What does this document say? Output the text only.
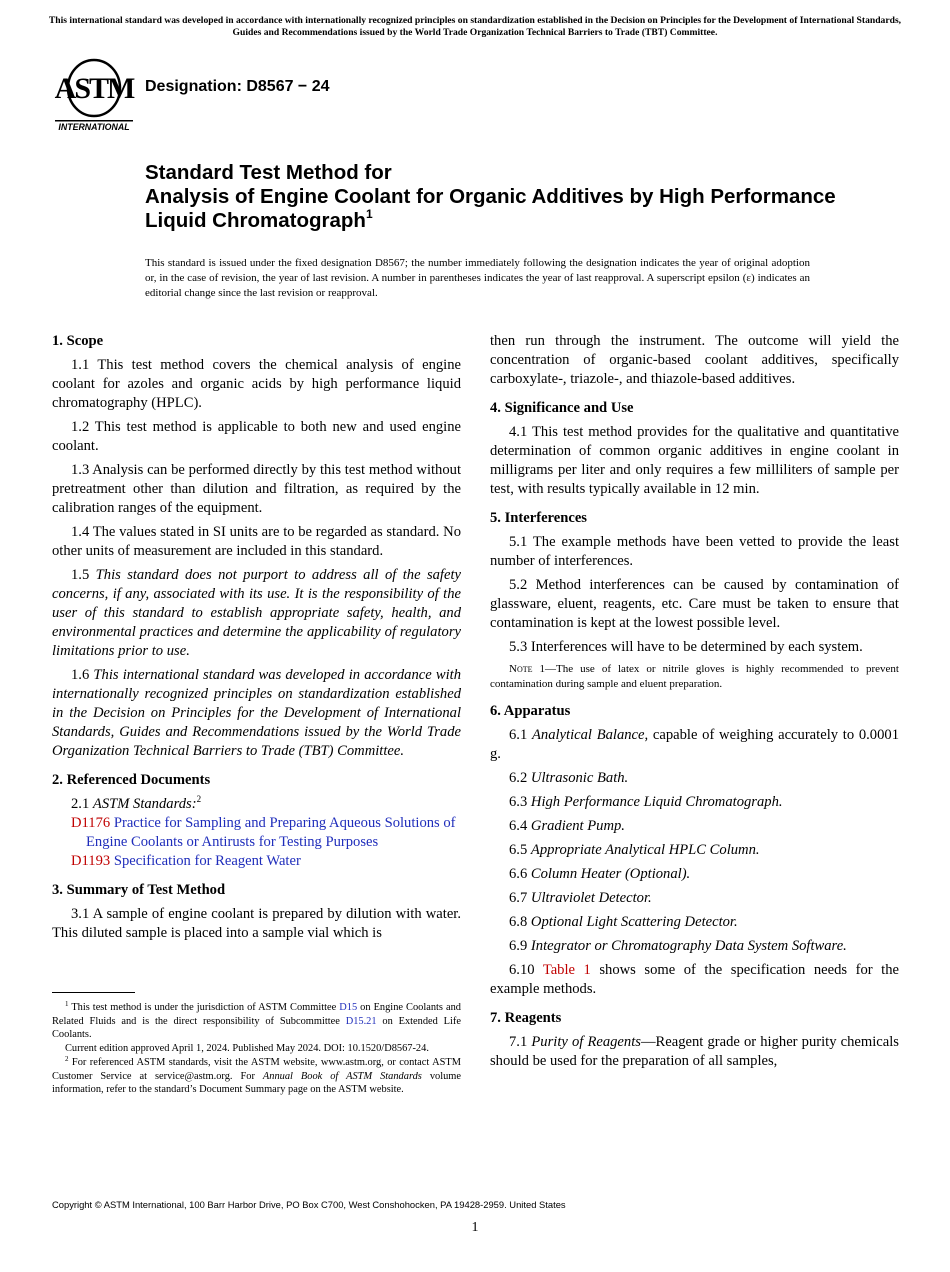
This international standard was developed in accordance with internationally recognized principles on standardization established in the Decision on Principles for the Development of International Standards, Guides and Recommendations issued by the World Trade Organization Technical Barriers to Trade (TBT) Committee.
ASTM
INTERNATIONAL
Designation: D8567 − 24
Standard Test Method for
Analysis of Engine Coolant for Organic Additives by High Performance Liquid Chromatograph$^1$
This standard is issued under the fixed designation D8567; the number immediately following the designation indicates the year of original adoption or, in the case of revision, the year of last revision. A number in parentheses indicates the year of last reapproval. A superscript epsilon (ε) indicates an editorial change since the last revision or reapproval.
1. Scope

1.1 This test method covers the chemical analysis of engine coolant for azoles and organic acids by high performance liquid chromatography (HPLC).

1.2 This test method is applicable to both new and used engine coolant.

1.3 Analysis can be performed directly by this test method without pretreatment other than dilution and filtration, as required by the calibration ranges of the equipment.

1.4 The values stated in SI units are to be regarded as standard. No other units of measurement are included in this standard.

1.5 This standard does not purport to address all of the safety concerns, if any, associated with its use. It is the responsibility of the user of this standard to establish appropriate safety, health, and environmental practices and determine the applicability of regulatory limitations prior to use.

1.6 This international standard was developed in accordance with internationally recognized principles on standardization established in the Decision on Principles for the Development of International Standards, Guides and Recommendations issued by the World Trade Organization Technical Barriers to Trade (TBT) Committee.

2. Referenced Documents

2.1 ASTM Standards:$^2$

D1176 Practice for Sampling and Preparing Aqueous Solutions of Engine Coolants or Antirusts for Testing Purposes

D1193 Specification for Reagent Water

3. Summary of Test Method

3.1 A sample of engine coolant is prepared by dilution with water. This diluted sample is placed into a sample vial which is

$^1$ This test method is under the jurisdiction of ASTM Committee D15 on Engine Coolants and Related Fluids and is the direct responsibility of Subcommittee D15.21 on Extended Life Coolants.

Current edition approved April 1, 2024. Published May 2024. DOI: 10.1520/D8567-24.

$^2$ For referenced ASTM standards, visit the ASTM website, www.astm.org, or contact ASTM Customer Service at service@astm.org. For Annual Book of ASTM Standards volume information, refer to the standard’s Document Summary page on the ASTM website.

then run through the instrument. The outcome will yield the concentration of organic-based coolant additives, specifically carboxylate-, triazole-, and thiazole-based additives.

4. Significance and Use

4.1 This test method provides for the qualitative and quantitative determination of common organic additives in engine coolant in milligrams per liter and only requires a few milliliters of sample per test, with results typically available in 12 min.

5. Interferences

5.1 The example methods have been vetted to provide the least number of interferences.

5.2 Method interferences can be caused by contamination of glassware, eluent, reagents, etc. Care must be taken to ensure that contamination is kept at the lowest possible level.

5.3 Interferences will have to be determined by each system.

Note 1—The use of latex or nitrile gloves is highly recommended to prevent contamination during sample and eluent preparation.

6. Apparatus

6.1 Analytical Balance, capable of weighing accurately to 0.0001 g.

6.2 Ultrasonic Bath.

6.3 High Performance Liquid Chromatograph.

6.4 Gradient Pump.

6.5 Appropriate Analytical HPLC Column.

6.6 Column Heater (Optional).

6.7 Ultraviolet Detector.

6.8 Optional Light Scattering Detector.

6.9 Integrator or Chromatography Data System Software.

6.10 Table 1 shows some of the specification needs for the example methods.

7. Reagents

7.1 Purity of Reagents—Reagent grade or higher purity chemicals should be used for the preparation of all samples,

Copyright © ASTM International, 100 Barr Harbor Drive, PO Box C700, West Conshohocken, PA 19428-2959. United States
1
